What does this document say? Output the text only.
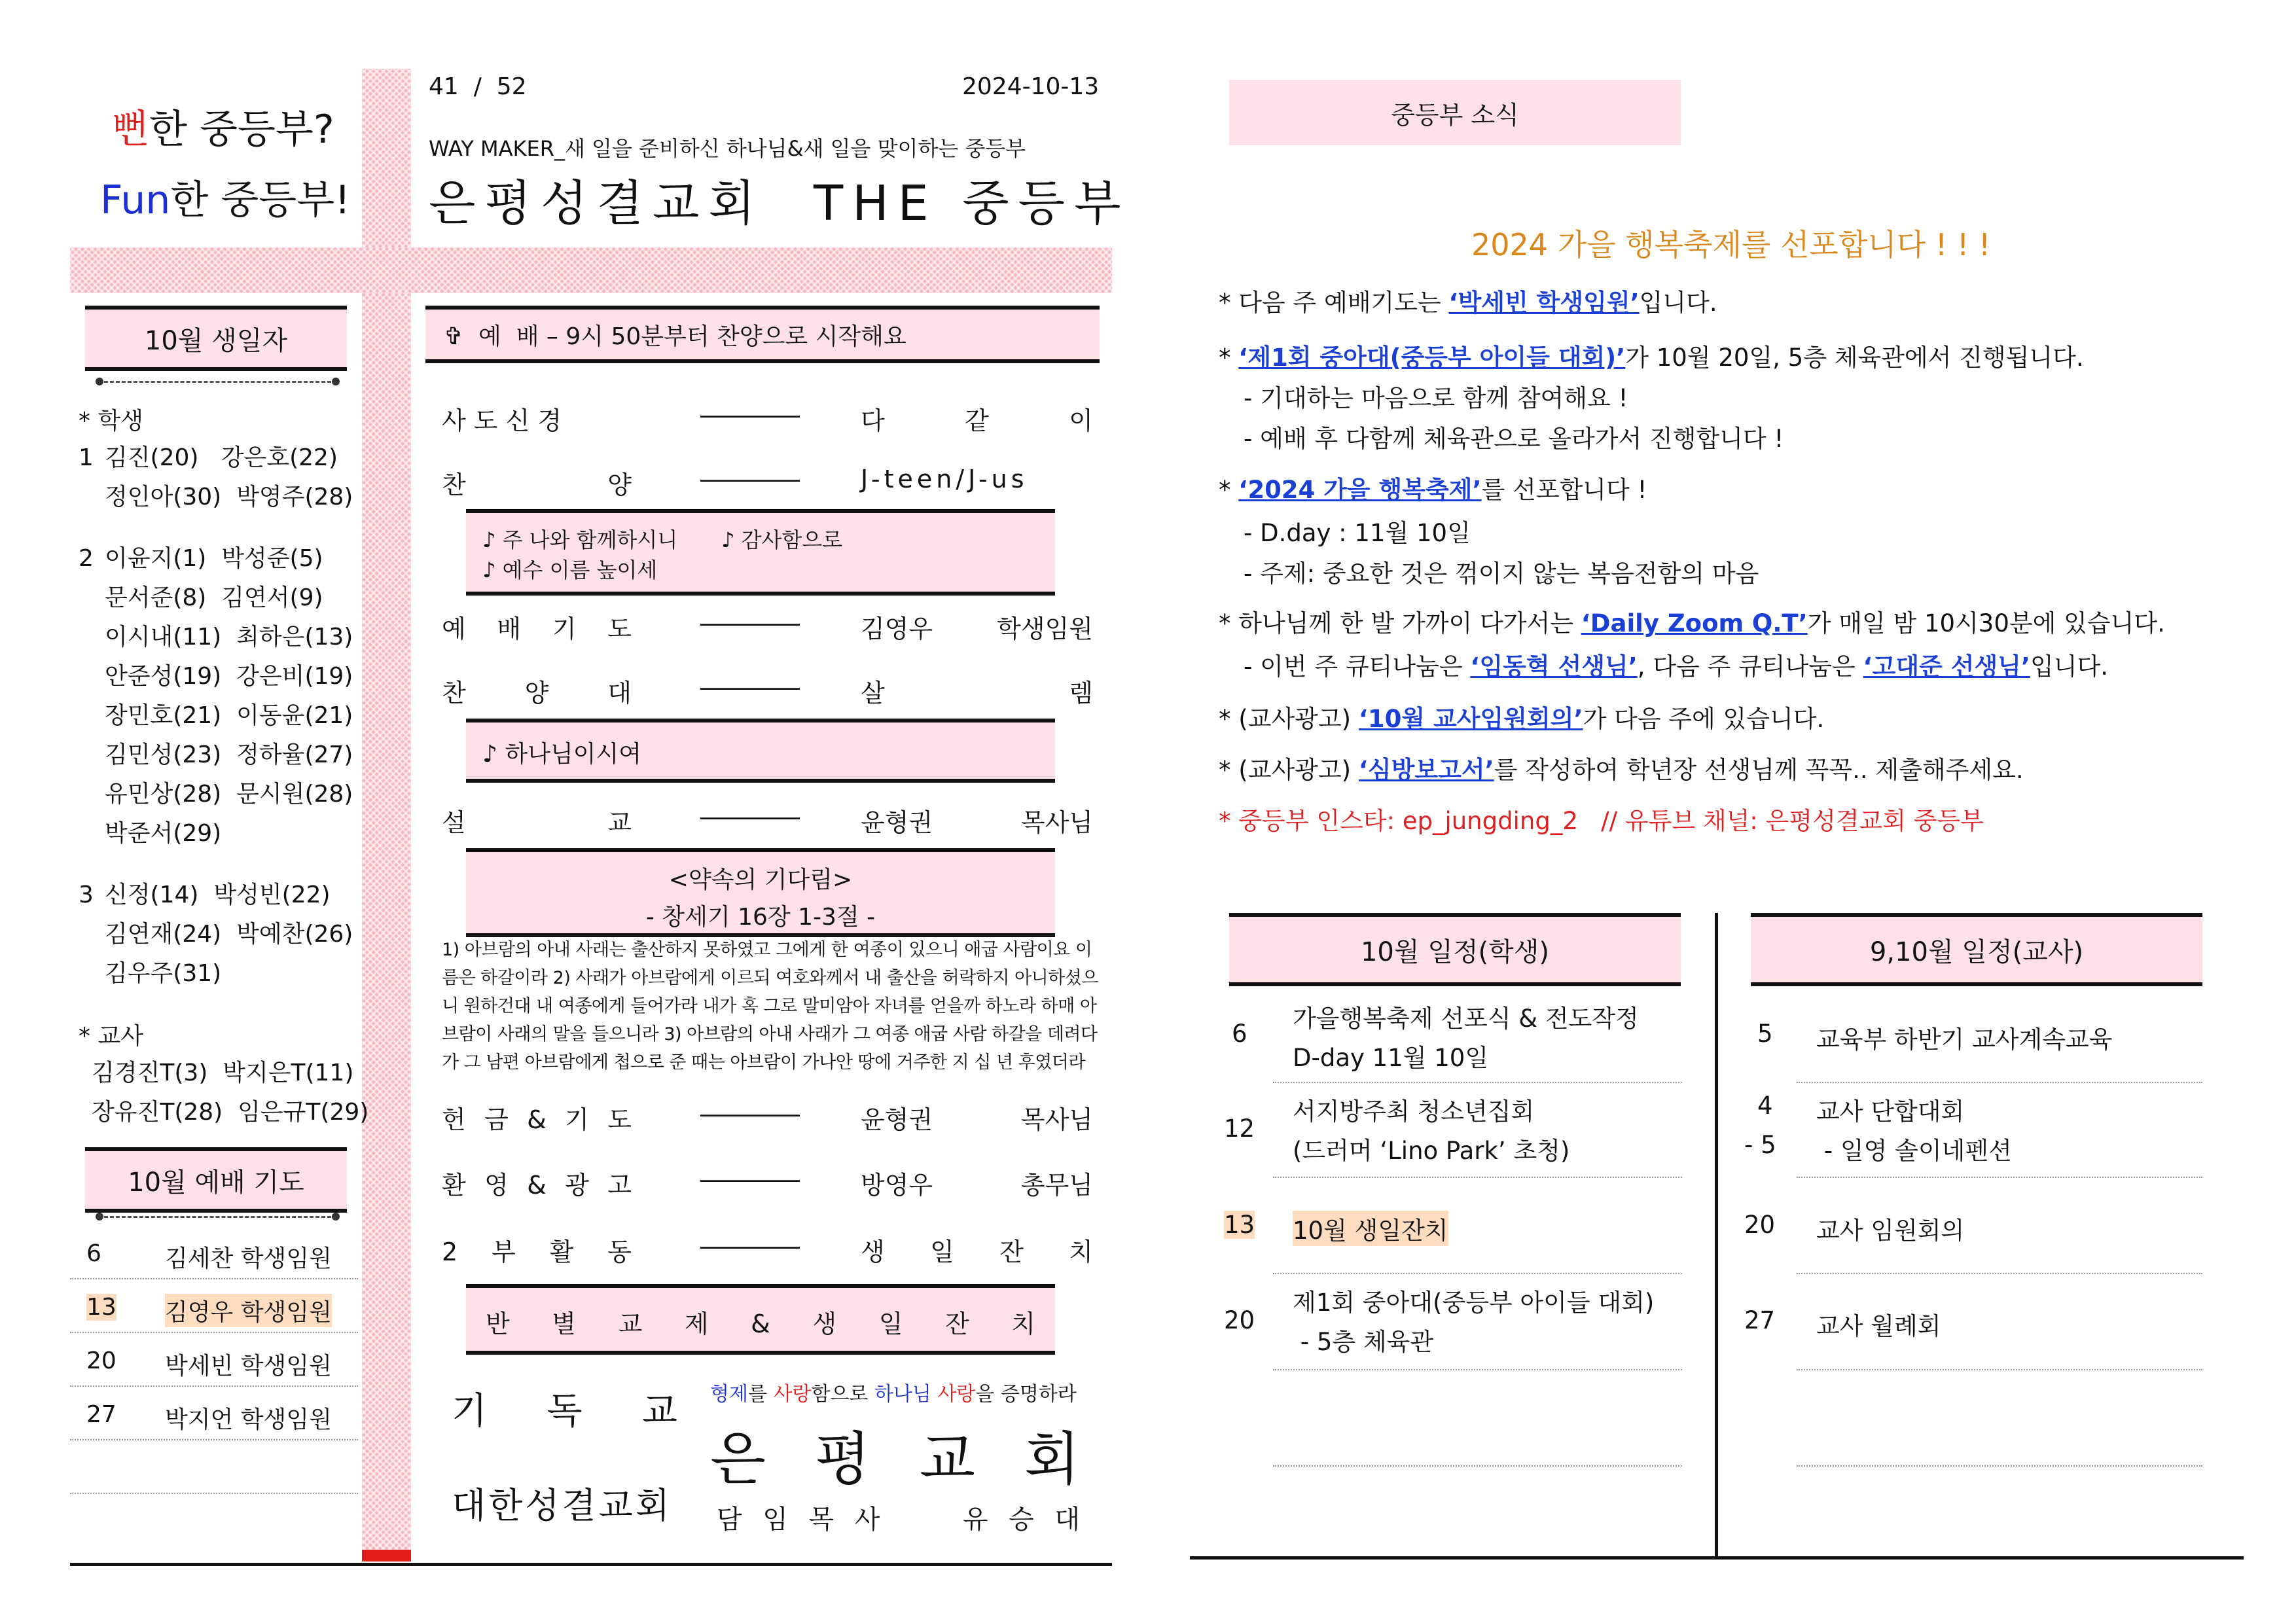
뻔한 중등부?
Fun한 중등부!
41  /  52	2024-10-13
WAY MAKER_새 일을 준비하신 하나님&새 일을 맞이하는 중등부
은평성결교회  THE 중등부
10월 생일자
* 학생
1 김진(20)   강은호(22)
정인아(30)  박영주(28)
2 이윤지(1)  박성준(5)
문서준(8)  김연서(9)
이시내(11)  최하은(13)
안준성(19)  강은비(19)
장민호(21)  이동윤(21)
김민성(23)  정하율(27)
유민상(28)  문시원(28)
박준서(29)
3 신정(14)  박성빈(22)
김연재(24)  박예찬(26)
김우주(31)
* 교사
김경진T(3)  박지은T(11)
장유진T(28)  임은규T(29)
10월 예배 기도
6	김세찬 학생임원
13 김영우 학생임원
20 박세빈 학생임원
27 박지언 학생임원
✞  예  배 – 9시 50분부터 찬양으로 시작해요
사 도 신 경	―――― 다 같 이
찬 양	―――― J-teen/J-us
♪ 주 나와 함께하시니 ♪ 감사함으로
♪ 예수 이름 높이세
예 배 기 도	―――― 김영우  학생임원
찬 양 대	―――― 살 렘
♪ 하나님이시여
설 교	―――― 윤형권  목사님
<약속의 기다림>
- 창세기 16장 1-3절 -
1) 아브람의 아내 사래는 출산하지 못하였고 그에게 한 여종이 있으니 애굽 사람이요 이
름은 하갈이라 2) 사래가 아브람에게 이르되 여호와께서 내 출산을 허락하지 아니하셨으
니 원하건대 내 여종에게 들어가라 내가 혹 그로 말미암아 자녀를 얻을까 하노라 하매 아
브람이 사래의 말을 들으니라 3) 아브람의 아내 사래가 그 여종 애굽 사람 하갈을 데려다
가 그 남편 아브람에게 첩으로 준 때는 아브람이 가나안 땅에 거주한 지 십 년 후였더라
헌 금 & 기 도	―――― 윤형권  목사님
환 영 & 광 고	―――― 방영우  총무님
2 부 활 동	―――― 생 일 잔 치
반 별 교 제 & 생 일 잔 치
기 독 교
대한성결교회
형제를 사랑함으로 하나님 사랑을 증명하라
은 평 교 회
담 임 목 사    유 승 대
중등부 소식
2024 가을 행복축제를 선포합니다 ! ! !
* 다음 주 예배기도는 ‘박세빈 학생임원’입니다.
* ‘제1회 중아대(중등부 아이들 대회)’가 10월 20일, 5층 체육관에서 진행됩니다.
- 기대하는 마음으로 함께 참여해요 !
- 예배 후 다함께 체육관으로 올라가서 진행합니다 !
* ‘2024 가을 행복축제’를 선포합니다 !
- D.day : 11월 10일
- 주제: 중요한 것은 꺾이지 않는 복음전함의 마음
* 하나님께 한 발 가까이 다가서는 ‘Daily Zoom Q.T’가 매일 밤 10시30분에 있습니다.
- 이번 주 큐티나눔은 ‘임동혁 선생님’, 다음 주 큐티나눔은 ‘고대준 선생님’입니다.
* (교사광고) ‘10월 교사임원회의’가 다음 주에 있습니다.
* (교사광고) ‘심방보고서’를 작성하여 학년장 선생님께 꼭꼭.. 제출해주세요.
* 중등부 인스타: ep_jungding_2   // 유튜브 채널: 은평성결교회 중등부
10월 일정(학생)	9,10월 일정(교사)
6
가을행복축제 선포식 & 전도작정
D-day 11월 10일
12
서지방주최 청소년집회
(드러머 ‘Lino Park’ 초청)
13 10월 생일잔치
20
제1회 중아대(중등부 아이들 대회)
- 5층 체육관
5 교육부 하반기 교사계속교육
4
- 5
교사 단합대회
- 일영 솔이네펜션
20 교사 임원회의
27 교사 월례회
